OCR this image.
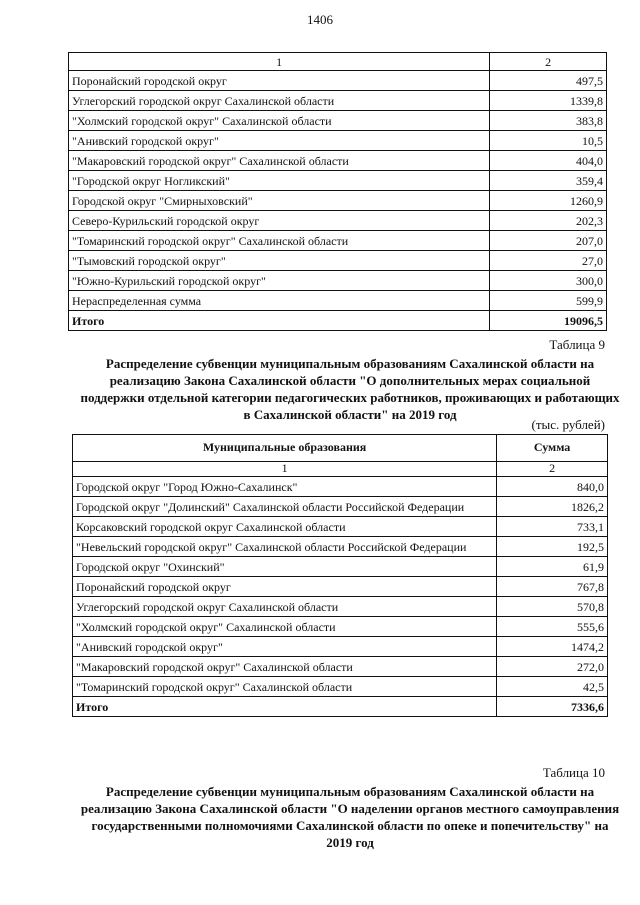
1406
1	2
Поронайский городской округ	497,5
Углегорский городской округ Сахалинской области	1339,8
"Холмский городской округ" Сахалинской области	383,8
"Анивский городской округ"	10,5
"Макаровский городской округ" Сахалинской области	404,0
"Городской округ Ногликский"	359,4
Городской округ "Смирныховский"	1260,9
Северо-Курильский городской округ	202,3
"Томаринский городской округ" Сахалинской области	207,0
"Тымовский городской округ"	27,0
"Южно-Курильский городской округ"	300,0
Нераспределенная сумма	599,9
Итого	19096,5
Таблица 9
Распределение субвенции муниципальным образованиям Сахалинской области на реализацию Закона Сахалинской области "О дополнительных мерах социальной поддержки отдельной категории педагогических работников, проживающих и работающих в Сахалинской области" на 2019 год
(тыс. рублей)
Муниципальные образования	Сумма
1	2
Городской округ "Город Южно-Сахалинск"	840,0
Городской округ "Долинский" Сахалинской области Российской Федерации	1826,2
Корсаковский городской округ Сахалинской области	733,1
"Невельский городской округ" Сахалинской области Российской Федерации	192,5
Городской округ "Охинский"	61,9
Поронайский городской округ	767,8
Углегорский городской округ Сахалинской области	570,8
"Холмский городской округ" Сахалинской области	555,6
"Анивский городской округ"	1474,2
"Макаровский городской округ" Сахалинской области	272,0
"Томаринский городской округ" Сахалинской области	42,5
Итого	7336,6
Таблица 10
Распределение субвенции муниципальным образованиям Сахалинской области на реализацию Закона Сахалинской области "О наделении органов местного самоуправления государственными полномочиями Сахалинской области по опеке и попечительству" на 2019 год
